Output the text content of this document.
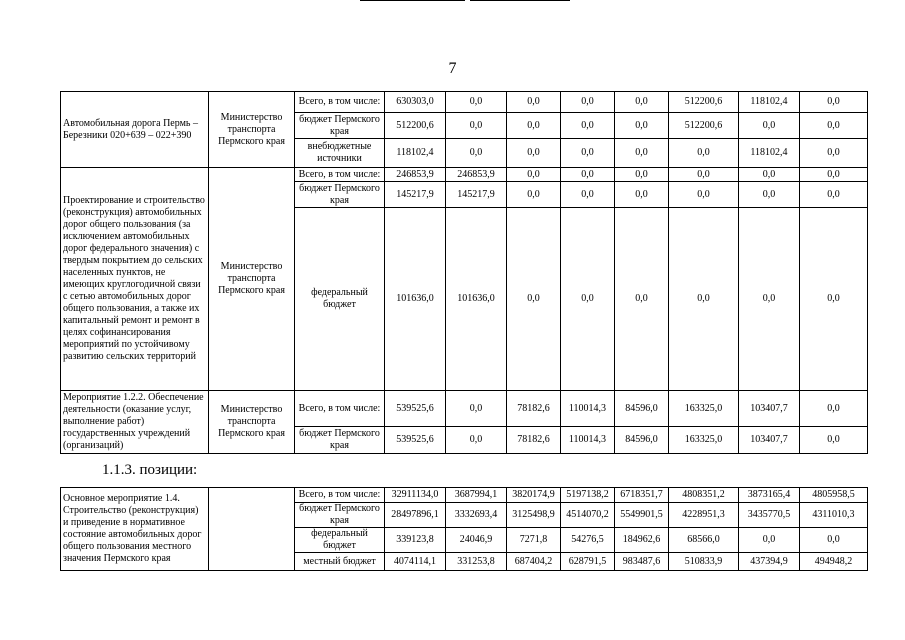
7
Автомобильная дорога Пермь – Березники 020+639 – 022+390	Министерство транспорта Пермского края	Всего, в том числе:	630303,0	0,0	0,0	0,0	0,0	512200,6	118102,4	0,0
		бюджет Пермского края	512200,6	0,0	0,0	0,0	0,0	512200,6	0,0	0,0
		внебюджетные источники	118102,4	0,0	0,0	0,0	0,0	0,0	118102,4	0,0
Проектирование и строительство (реконструкция) автомобильных дорог общего пользования (за исключением автомобильных дорог федерального значения) с твердым покрытием до сельских населенных пунктов, не имеющих круглогодичной связи с сетью автомобильных дорог общего пользования, а также их капитальный ремонт и ремонт в целях софинансирования мероприятий по устойчивому развитию сельских территорий	Министерство транспорта Пермского края	Всего, в том числе:	246853,9	246853,9	0,0	0,0	0,0	0,0	0,0	0,0
		бюджет Пермского края	145217,9	145217,9	0,0	0,0	0,0	0,0	0,0	0,0
		федеральный бюджет	101636,0	101636,0	0,0	0,0	0,0	0,0	0,0	0,0
Мероприятие 1.2.2. Обеспечение деятельности (оказание услуг, выполнение работ) государственных учреждений (организаций)	Министерство транспорта Пермского края	Всего, в том числе:	539525,6	0,0	78182,6	110014,3	84596,0	163325,0	103407,7	0,0
		бюджет Пермского края	539525,6	0,0	78182,6	110014,3	84596,0	163325,0	103407,7	0,0
1.1.3. позиции:
Основное мероприятие 1.4. Строительство (реконструкция) и приведение в нормативное состояние автомобильных дорог общего пользования местного значения Пермского края		Всего, в том числе:	32911134,0	3687994,1	3820174,9	5197138,2	6718351,7	4808351,2	3873165,4	4805958,5
		бюджет Пермского края	28497896,1	3332693,4	3125498,9	4514070,2	5549901,5	4228951,3	3435770,5	4311010,3
		федеральный бюджет	339123,8	24046,9	7271,8	54276,5	184962,6	68566,0	0,0	0,0
		местный бюджет	4074114,1	331253,8	687404,2	628791,5	983487,6	510833,9	437394,9	494948,2
